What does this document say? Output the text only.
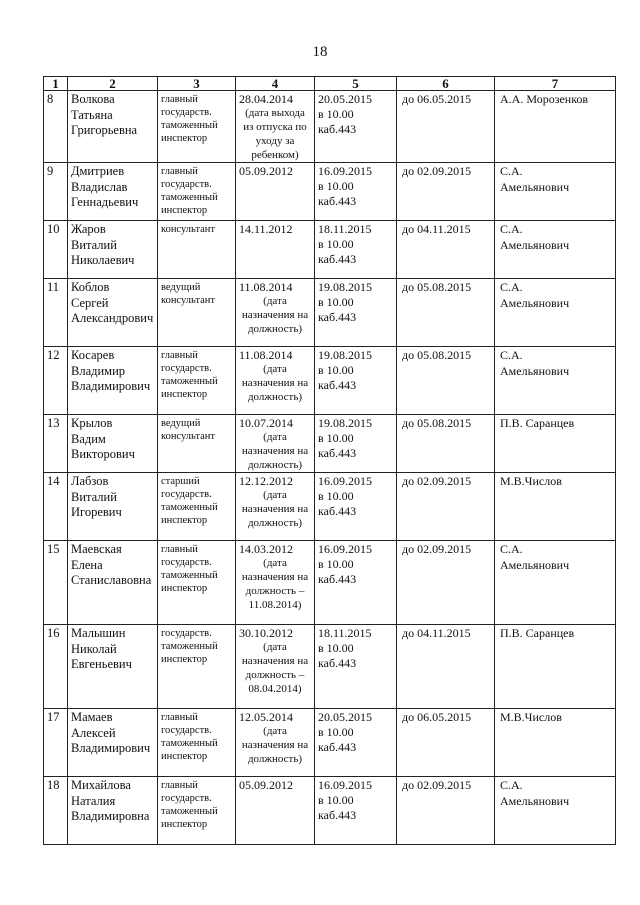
18
1	2	3	4	5	6	7
8	Волкова
Татьяна
Григорьевна	главный
государств.
таможенный
инспектор	28.04.2014
(дата выхода
из отпуска по
уходу за
ребенком)	20.05.2015
в 10.00
каб.443	до 06.05.2015	А.А. Морозенков

9	Дмитриев
Владислав
Геннадьевич	главный
государств.
таможенный
инспектор	05.09.2012	16.09.2015
в 10.00
каб.443	до 02.09.2015	С.А.
Амельянович

10	Жаров
Виталий
Николаевич	консультант	14.11.2012	18.11.2015
в 10.00
каб.443	до 04.11.2015	С.А.
Амельянович

11	Коблов
Сергей
Александрович	ведущий
консультант	11.08.2014
(дата
назначения на
должность)	19.08.2015
в 10.00
каб.443	до 05.08.2015	С.А.
Амельянович

12	Косарев
Владимир
Владимирович	главный
государств.
таможенный
инспектор	11.08.2014
(дата
назначения на
должность)	19.08.2015
в 10.00
каб.443	до 05.08.2015	С.А.
Амельянович

13	Крылов
Вадим
Викторович	ведущий
консультант	10.07.2014
(дата
назначения на
должность)	19.08.2015
в 10.00
каб.443	до 05.08.2015	П.В. Саранцев

14	Лабзов
Виталий
Игоревич	старший
государств.
таможенный
инспектор	12.12.2012
(дата
назначения на
должность)	16.09.2015
в 10.00
каб.443	до 02.09.2015	М.В.Числов

15	Маевская
Елена
Станиславовна	главный
государств.
таможенный
инспектор	14.03.2012
(дата
назначения на
должность –
11.08.2014)	16.09.2015
в 10.00
каб.443	до 02.09.2015	С.А.
Амельянович

16	Малышин
Николай
Евгеньевич	государств.
таможенный
инспектор	30.10.2012
(дата
назначения на
должность –
08.04.2014)	18.11.2015
в 10.00
каб.443	до 04.11.2015	П.В. Саранцев

17	Мамаев
Алексей
Владимирович	главный
государств.
таможенный
инспектор	12.05.2014
(дата
назначения на
должность)	20.05.2015
в 10.00
каб.443	до 06.05.2015	М.В.Числов

18	Михайлова
Наталия
Владимировна	главный
государств.
таможенный
инспектор	05.09.2012	16.09.2015
в 10.00
каб.443	до 02.09.2015	С.А.
Амельянович
